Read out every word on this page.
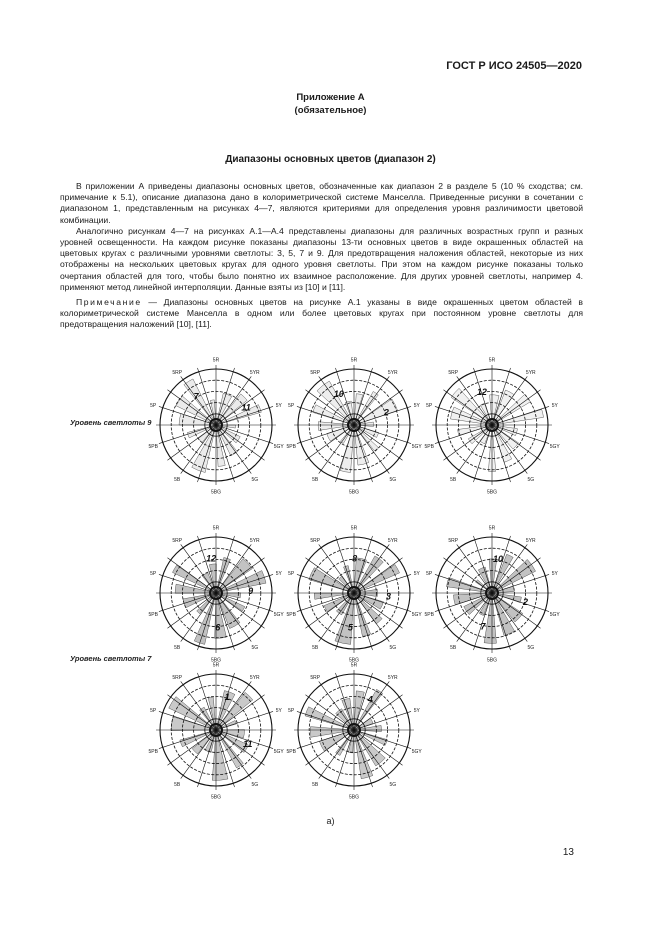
ГОСТ Р ИСО 24505—2020
Приложение А
(обязательное)
Диапазоны основных цветов (диапазон 2)

В приложении А приведены диапазоны основных цветов, обозначенные как диапазон 2 в разделе 5 (10 % сходства; см. примечание к 5.1), описание диапазона дано в колориметрической системе Манселла. Приведенные рисунки в сочетании с диапазоном 1, представленным на рисунках 4—7, являются критериями для определения уровня различимости цветовой комбинации.

Аналогично рисункам 4—7 на рисунках А.1—А.4 представлены диапазоны для различных возрастных групп и разных уровней освещенности. На каждом рисунке показаны диапазоны 13-ти основных цветов в виде окрашенных областей на цветовых кругах с различными уровнями светлоты: 3, 5, 7 и 9. Для предотвращения наложения областей, некоторые из них отображены на нескольких цветовых кругах для одного уровня светлоты. При этом на каждом рисунке показаны только очертания областей для того, чтобы было понятно их взаимное расположение. Для других уровней светлоты, например 4. применяют метод линейной интерполяции. Данные взяты из [10] и [11].

Примечание — Диапазоны основных цветов на рисунке А.1 указаны в виде окрашенных цветом областей в колориметрической системе Манселла в одном или более цветовых кругах при постоянном уровне светлоты для предотвращения наложений [10], [11].

5R
5YR
5Y
5GY
5G
5BG
5B
5PB
5P
5RP
7
11
5R
5YR
5Y
5GY
5G
5BG
5B
5PB
5P
5RP
10
2
5R
5YR
5Y
5GY
5G
5BG
5B
5PB
5P
5RP
12
5R
5YR
5Y
5GY
5G
5BG
5B
5PB
5P
5RP
12
9
6
5R
5YR
5Y
5GY
5G
5BG
5B
5PB
5P
5RP
8
3
5
5R
5YR
5Y
5GY
5G
5BG
5B
5PB
5P
5RP
10
2
7
5R
5YR
5Y
5GY
5G
5BG
5B
5PB
5P
5RP
1
11
5R
5YR
5Y
5GY
5G
5BG
5B
5PB
5P
5RP
4
Уровень светлоты 9
Уровень светлоты 7
а)
13
